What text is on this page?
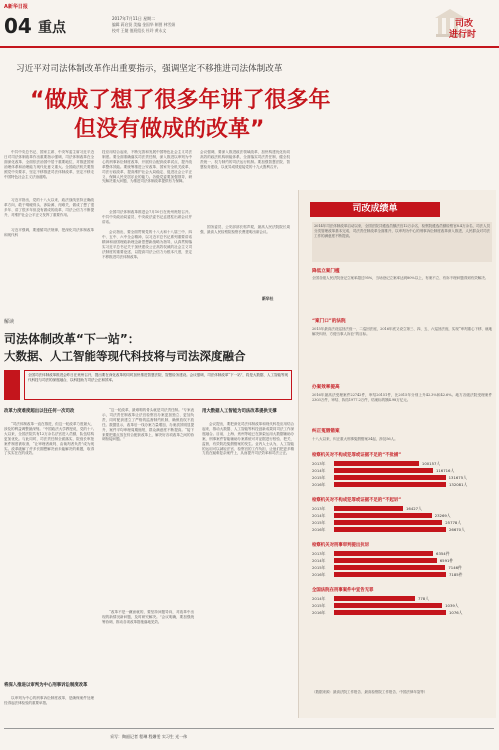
A新华日报
04 重点
2017年7月11日 星期二
编辑 蒋启贤 美编 金国华 制图 林雪娟
校对 王婕 值班组长 杜玲 黄永文
司改
进行时
习近平对司法体制改革作出重要指示，强调坚定不移推进司法体制改革
“做成了想了很多年讲了很多年
但没有做成的改革”
中共中央总书记、国家主席、中央军委主席习近平近日对司法体制改革作出重要指示强调，司法体制改革在全面深化改革、全面依法治国中居于重要地位，对推进国家治理体系和治理能力现代化意义重大。全国政法机关要按照党中央要求，坚定不移推进司法体制改革，坚定不移走中国特色社会主义法治道路。
习近平指出，党的十八大以来，政法战线坚持正确改革方向，敢于啃硬骨头、涉险滩、闯难关，做成了想了很多年、讲了很多年但没有做成的改革，司法公信力不断提升，对维护社会公平正义发挥了重要作用。
习近平强调，要遵循司法规律，把深化司法体制改革和现代科
技应用结合起来，不断完善和发展中国特色社会主义司法制度。要全面准确落实司法责任制，深入推进以审判为中心的刑事诉讼制度改革，开展综合配套改革试点，提升改革整体效能。要统筹推进公安改革、国家安全机关改革、司法行政改革，提高维护社会大局稳定、促进社会公平正义、保障人民安居乐业的能力。各级党委要加强领导，研究解决重大问题，为推进司法体制改革提供有力保障。
全国司法体制改革推进会7月10日在贵州贵阳召开。中共中央政治局委员、中央政法委书记孟建柱出席会议并讲话。
会议指出，要全面贯彻党的十八大和十八届三中、四中、五中、六中全会精神，以习近平总书记系列重要讲话精神和治国理政新理念新思想新战略为指导，认真贯彻落实习近平总书记关于加快建设公正高效权威的社会主义司法制度的重要论述，以提高司法公信力为根本尺度，坚定不移推进司法体制改革。
会议强调，要深入推进政法领域改革，加快构建优化协同高效的政法机构职能体系，全面落实司法责任制，健全权责统一、权力制约的司法运行机制。要加强智慧法院、智慧检务建设，以优异成绩迎接党的十九大胜利召开。
国务委员、公安部部长郭声琨，最高人民法院院长周强，最高人民检察院检察长曹建明出席会议。
新华社
司改成绩单
2014年司法体制改革启动以来，全国法院共遴选员额法官12万余名，检察院遴选员额检察官8.4万余名，司法人员分类管理改革基本完成，司法责任制改革全面推开，以审判为中心的刑事诉讼制度改革深入推进，人民群众对司法工作的满意度不断提高。
降低立案门槛
全国各级人民法院登记立案率超过95%，当场登记立案率达到80%以上，有案不立、有诉不理问题得到有效解决。
“案门口”的法院
2015年最高法设巡回法庭一、二巡回法庭，2016年底又设立第三、四、五、六巡回法庭，实现“审判重心下移、就地解决纠纷、方便当事人诉讼”的目标。
办案效率提高
2016年最高法受理案件22742件，审结20151件，比2015年分别上升42.3%和42.6%。地方各级法院受理案件2303万件，审结、执结1977.2万件，结案标的额4.98万亿元。
纠正冤假错案
十八大以来，纠正重大刑事冤假错案34起，涉及56人。
检察机关对不构成犯罪或证据不足的“不批捕”
2013年	100157人
2014年	116716人
2015年	131675人
2016年	132081人
检察机关对不构成犯罪或证据不足的“不起诉”
2013年	16427人
2014年	23269人
2015年	25778人
2016年	26670人
检察机关对刑事审判提出抗诉
2013年	6354件
2014年	6591件
2015年	7146件
2016年	7185件
全国法院在刑事案件中宣告无罪
2014年	778人
2015年	1039人
2016年	1076人
（数据来源：最高法院工作报告、最高检察院工作报告、中国法律年鉴等）
解读
司法体制改革“下一站”：
大数据、人工智能等现代科技将与司法深度融合
全国司法体制改革推进会昨日在贵州召开，提出要在深化改革的同时加快推进智慧法院、智慧检务建设。会议强调，司法体制改革“下一站”，将是大数据、人工智能等现代科技与司法的深度融合，以科技助力司法公正和效率。
改革力度难度超出以往任何一次司改
“司法体制改革一直在推进，但这一轮改革力度最大，涉及的利益调整最深刻。”中国政法大学教授说，党的十八大以来，全国法院共有12万余名法官进入员额，队伍结构更加优化。与此同时，司法责任制全面落实，院庭长审批案件制度被取消，“让审理者裁判、由裁判者负责”成为现实。改革破解了许多长期想解决而未能解决的难题，取得了实实在在的成效。
将深入推进以审判为中心刑事诉讼制度改革
以审判为中心的刑事诉讼制度改革，是确保案件处理经得起法律检验的重要举措。
“这一轮改革，最难啃的骨头就是司法责任制。”专家表示，司法责任制改革让法官检察官办案更加独立、更加负责，同时配套建立了严格的监督制约机制，确保放权不放任。数据显示，改革后一线办案力量增加，办案质效明显提升，案件平均审理周期缩短，群众满意度不断提高。“接下来要把重点放在综合配套改革上，解决好各项改革之间的协调衔接问题。”
“改革不是一蹴而就的，要坚持问题导向，对改革中出现的新情况新问题，及时研究解决。”会议明确，要加强统筹协调，推动各项改革措施落地见效。
用大数据人工智能为司法改革提供支撑
会议提出，要把深化司法体制改革和现代科技应用结合起来，推动大数据、人工智能等科技创新成果同司法工作深度融合。目前，上海、贵州等地已在探索运用大数据辅助办案，刑事案件智能辅助办案系统可对证据进行校验、把关、监督，有效防范冤假错案的发生。业内人士认为，人工智能的运用可以减轻法官、检察官的工作负担，让他们把更多精力放在疑难复杂案件上，从而提升司法效率和司法公正。
采写：陶韶记者 程琳 程姗雯 实习生 光一伟
